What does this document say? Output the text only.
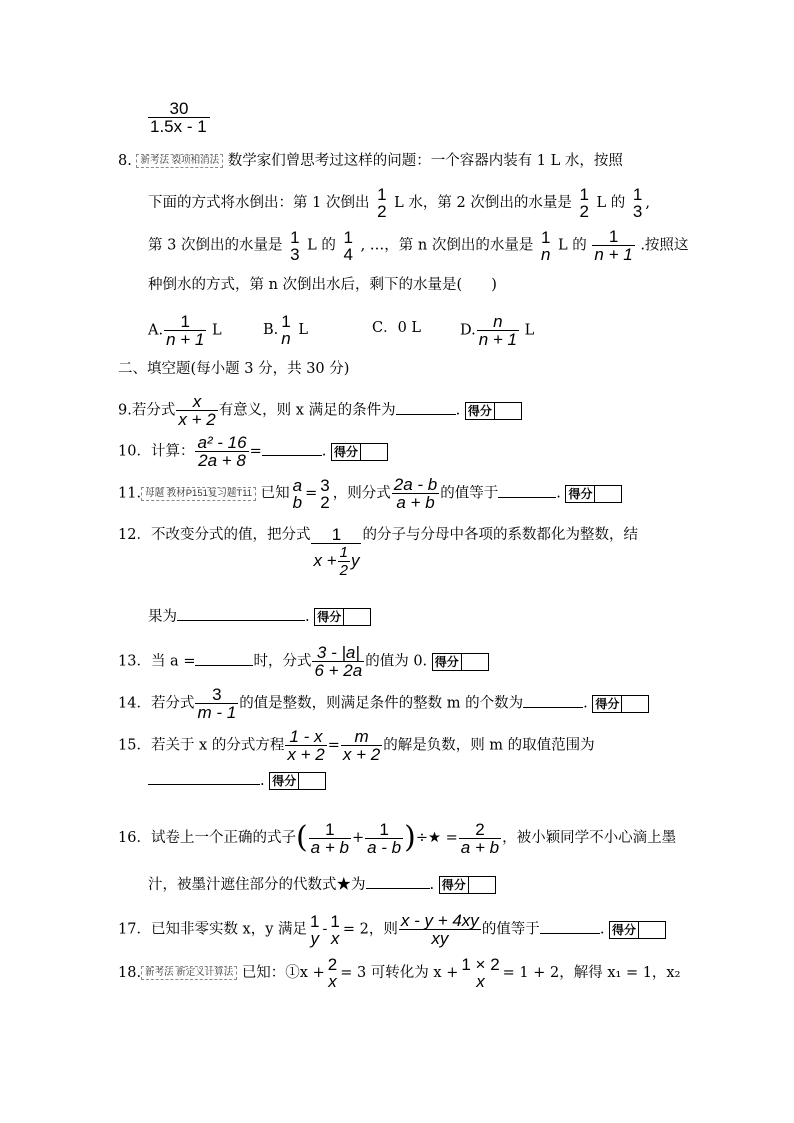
$\frac{30}{1.5x - 1}$
8. 新考法 裂项相消法 数学家们曾思考过这样的问题：一个容器内装有 1 L 水，按照
下面的方式将水倒出：第 1 次倒出 1
2 L 水，第 2 次倒出的水量是 1
2 L 的 1
3 ,
第 3 次倒出的水量是 1
3 L 的 1
4 , …，第 n 次倒出的水量是 1
n L 的 $\frac{1}{n + 1}$ .按照这
种倒水的方式，第 n 次倒出水后，剩下的水量是(　　)
A. $\frac{1}{n + 1}$ L	B. 1
n L	C．0 L	D. $\frac{n}{n + 1}$ L
二、填空题(每小题 3 分，共 30 分)
9.若分式 $\frac{x}{x + 2}$ 有意义，则 x 满足的条件为	. 得分
10．计算： $\frac{\text{a² - 16}}{2a + 8}$ =	. 得分
11. 母题 教材P151复习题T11 已知 a
b = 3
2 ，则分式 $\frac{2a - b}{a + b}$ 的值等于	. 得分
12．不改变分式的值，把分式 $\frac{1}{x + \frac{1}{2} y}$ 的分子与分母中各项的系数都化为整数，结
果为	. 得分
13．当 a =	时，分式 $\frac{3 - |a|}{6 + 2a}$ 的值为 0. 得分
14．若分式 $\frac{3}{m - 1}$ 的值是整数，则满足条件的整数 m 的个数为	. 得分
15．若关于 x 的分式方程 $\frac{1 - x}{x + 2} = \frac{m}{x + 2}$ 的解是负数，则 m 的取值范围为
. 得分
16．试卷上一个正确的式子( $\frac{1}{a + b} + \frac{1}{a - b}$ )÷★ = $\frac{2}{a + b}$ ，被小颖同学不小心滴上墨
汁，被墨汁遮住部分的代数式★为	. 得分
17．已知非零实数 x，y 满足 1
y - 1
x = 2，则 $\frac{x - y + 4xy}{xy}$ 的值等于	. 得分
18. 新考法 新定义计算法 已知：①x + 2
x = 3 可转化为 x + 1 × 2
x	= 1 + 2，解得 x₁ = 1，x₂
